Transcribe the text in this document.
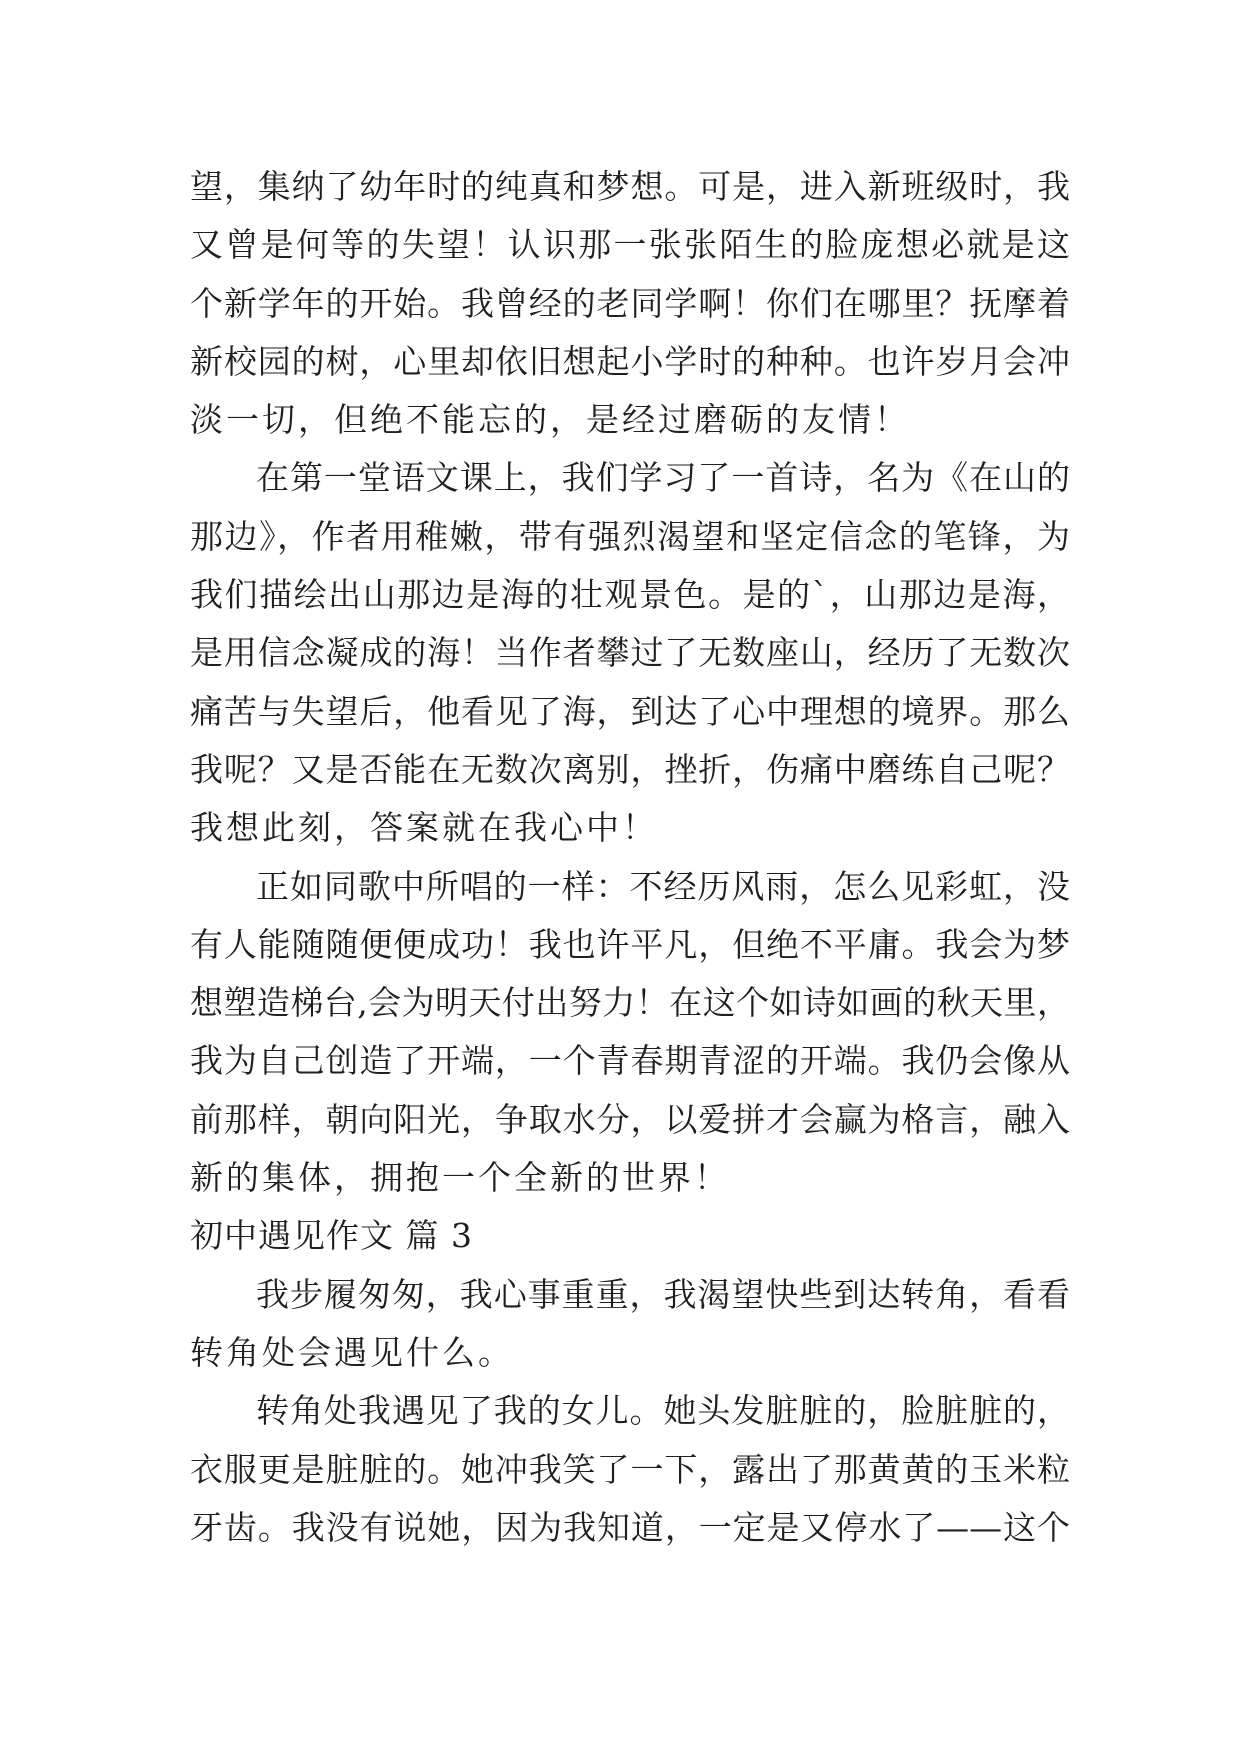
望，集纳了幼年时的纯真和梦想。可是，进入新班级时，我
又曾是何等的失望！认识那一张张陌生的脸庞想必就是这
个新学年的开始。我曾经的老同学啊！你们在哪里？抚摩着
新校园的树，心里却依旧想起小学时的种种。也许岁月会冲
淡一切，但绝不能忘的，是经过磨砺的友情！
在第一堂语文课上，我们学习了一首诗，名为《在山的
那边》，作者用稚嫩，带有强烈渴望和坚定信念的笔锋，为
我们描绘出山那边是海的壮观景色。是的`，山那边是海，
是用信念凝成的海！当作者攀过了无数座山，经历了无数次
痛苦与失望后，他看见了海，到达了心中理想的境界。那么
我呢？又是否能在无数次离别，挫折，伤痛中磨练自己呢？
我想此刻，答案就在我心中！
正如同歌中所唱的一样：不经历风雨，怎么见彩虹，没
有人能随随便便成功！我也许平凡，但绝不平庸。我会为梦
想塑造梯台,会为明天付出努力！在这个如诗如画的秋天里，
我为自己创造了开端，一个青春期青涩的开端。我仍会像从
前那样，朝向阳光，争取水分，以爱拼才会赢为格言，融入
新的集体，拥抱一个全新的世界！
初中遇见作文 篇 3
我步履匆匆，我心事重重，我渴望快些到达转角，看看
转角处会遇见什么。
转角处我遇见了我的女儿。她头发脏脏的，脸脏脏的，
衣服更是脏脏的。她冲我笑了一下，露出了那黄黄的玉米粒
牙齿。我没有说她，因为我知道，一定是又停水了——这个
